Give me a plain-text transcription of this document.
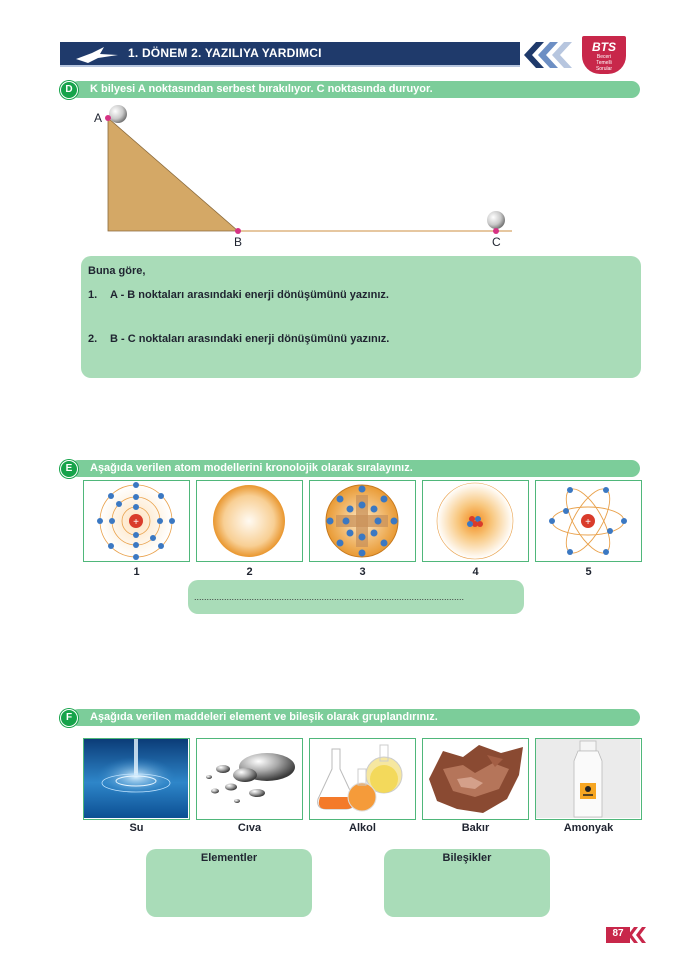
1. DÖNEM 2. YAZILIYA YARDIMCI	BTS
Beceri
Temelli
Sorular
K bilyesi A noktasından serbest bırakılıyor. C noktasında duruyor.
D
A
B	C
Buna göre,
1. A - B noktaları arasındaki enerji dönüşümünü yazınız.
2. B - C noktaları arasındaki enerji dönüşümünü yazınız.
Aşağıda verilen atom modellerini kronolojik olarak sıralayınız.
E
+	+
1	2	3	4	5
............................................................................................................
Aşağıda verilen maddeleri element ve bileşik olarak gruplandırınız.
F
Su	Cıva	Alkol	Bakır	Amonyak
Elementler	Bileşikler
87
